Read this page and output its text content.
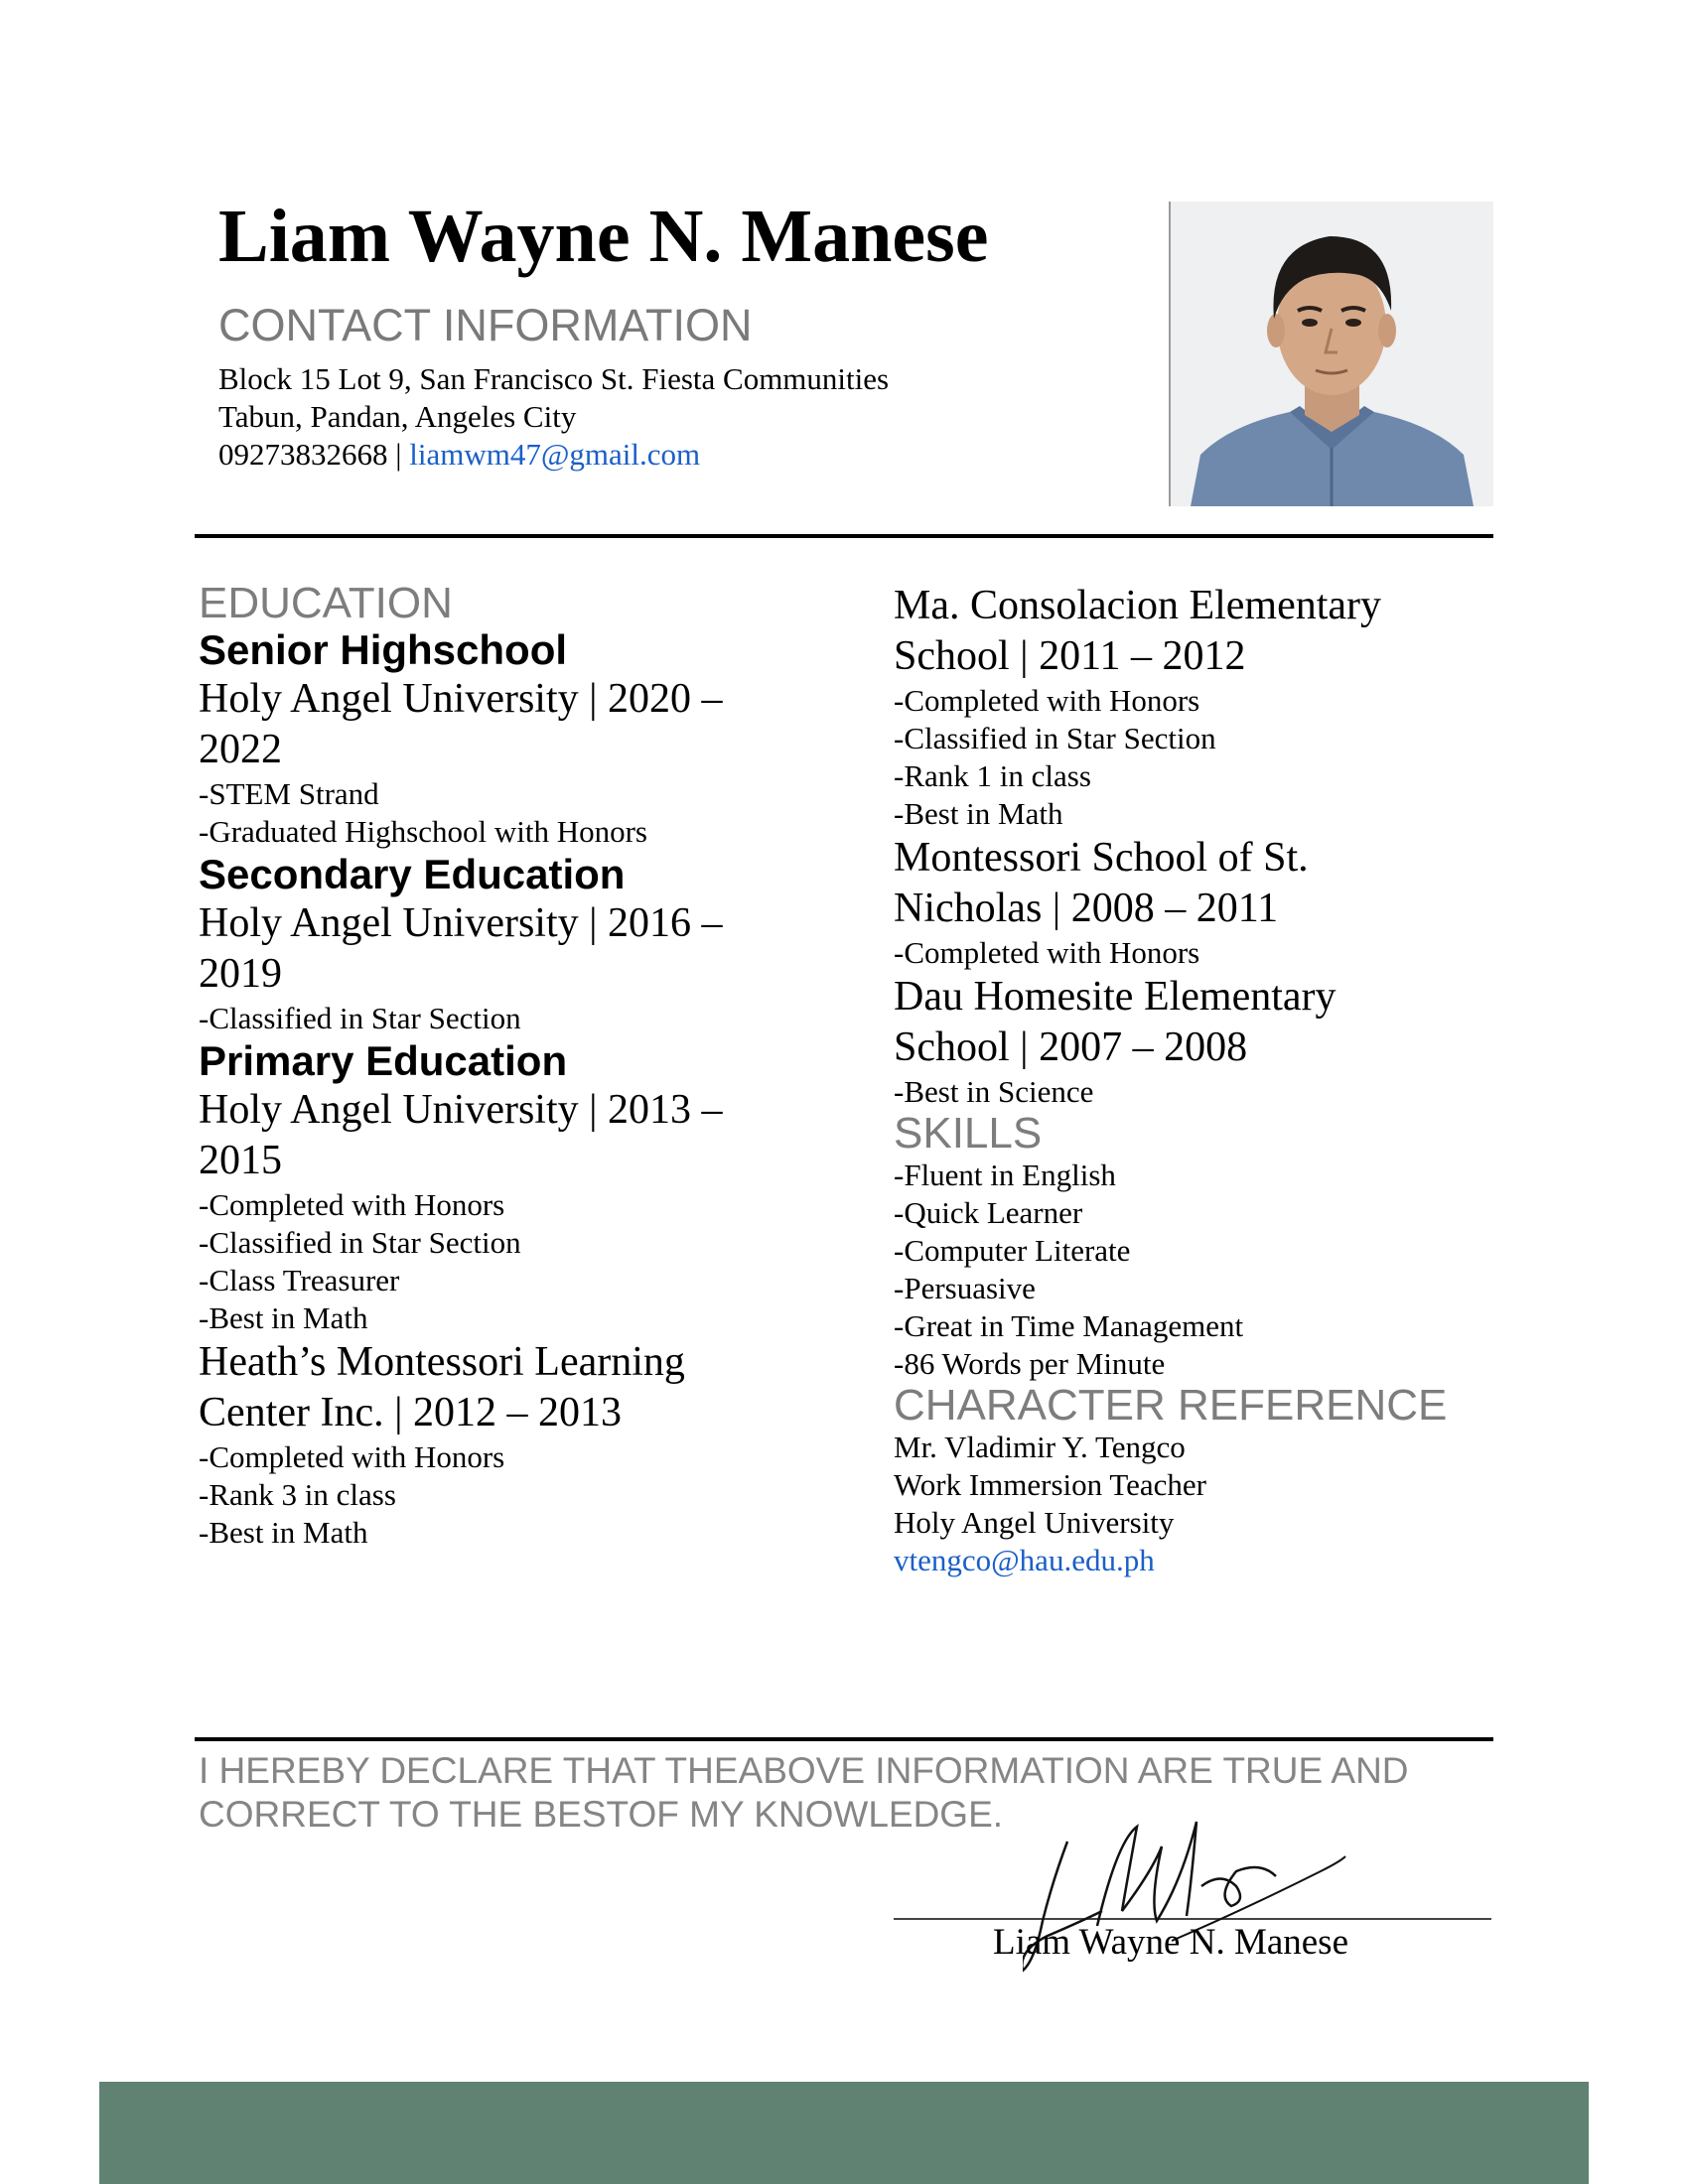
Liam Wayne N. Manese
CONTACT INFORMATION
Block 15 Lot 9, San Francisco St. Fiesta Communities
Tabun, Pandan, Angeles City
09273832668 | liamwm47@gmail.com
EDUCATION
Senior Highschool
Holy Angel University | 2020 –
2022
-STEM Strand
-Graduated Highschool with Honors
Secondary Education
Holy Angel University | 2016 –
2019
-Classified in Star Section
Primary Education
Holy Angel University | 2013 –
2015
-Completed with Honors
-Classified in Star Section
-Class Treasurer
-Best in Math
Heath’s Montessori Learning
Center Inc. | 2012 – 2013
-Completed with Honors
-Rank 3 in class
-Best in Math
Ma. Consolacion Elementary
School | 2011 – 2012
-Completed with Honors
-Classified in Star Section
-Rank 1 in class
-Best in Math
Montessori School of St.
Nicholas | 2008 – 2011
-Completed with Honors
Dau Homesite Elementary
School | 2007 – 2008
-Best in Science
SKILLS
-Fluent in English
-Quick Learner
-Computer Literate
-Persuasive
-Great in Time Management
-86 Words per Minute
CHARACTER REFERENCE
Mr. Vladimir Y. Tengco
Work Immersion Teacher
Holy Angel University
vtengco@hau.edu.ph
I HEREBY DECLARE THAT THEABOVE INFORMATION ARE TRUE AND
CORRECT TO THE BESTOF MY KNOWLEDGE.
Liam Wayne N. Manese
